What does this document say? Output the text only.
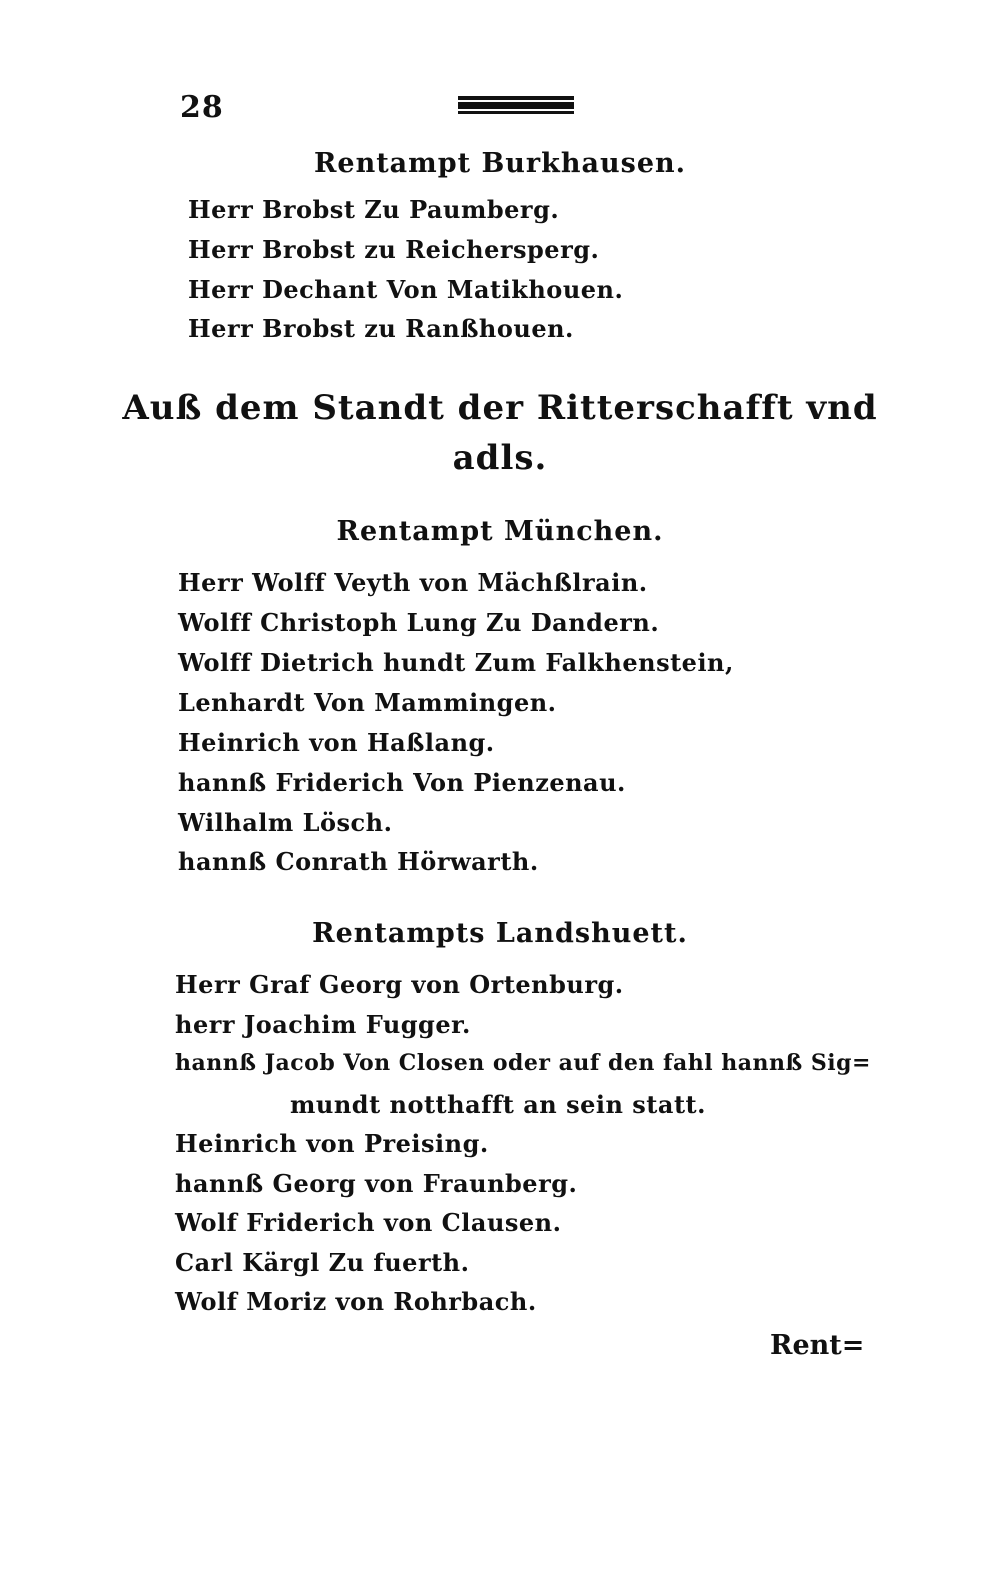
28
Rentampt Burkhausen.
Herr Brobst Zu Paumberg.
Herr Brobst zu Reichersperg.
Herr Dechant Von Matikhouen.
Herr Brobst zu Ranßhouen.
Auß dem Standt der Ritterschafft vnd
adls.
Rentampt München.
Herr Wolff Veyth von Mächßlrain.
Wolff Christoph Lung Zu Dandern.
Wolff Dietrich hundt Zum Falkhenstein,
Lenhardt Von Mammingen.
Heinrich von Haßlang.
hannß Friderich Von Pienzenau.
Wilhalm Lösch.
hannß Conrath Hörwarth.
Rentampts Landshuett.
Herr Graf Georg von Ortenburg.
herr Joachim Fugger.
hannß Jacob Von Closen oder auf den fahl hannß Sig=
mundt notthafft an sein statt.
Heinrich von Preising.
hannß Georg von Fraunberg.
Wolf Friderich von Clausen.
Carl Kärgl Zu fuerth.
Wolf Moriz von Rohrbach.
Rent=
